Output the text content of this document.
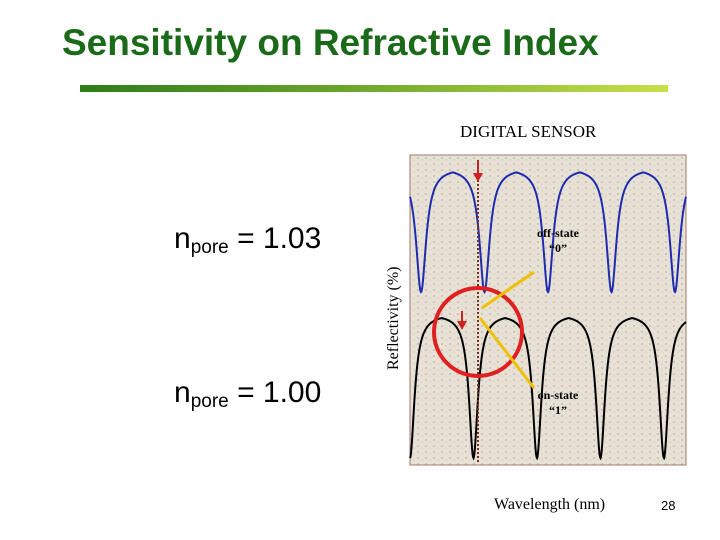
Sensitivity on Refractive Index
$n_{pore} = 1.03$
$n_{pore} = 1.00$
DIGITAL SENSOR
Reflectivity (%)
Wavelength (nm)
off-state
“0”
on-state
“1”
28
